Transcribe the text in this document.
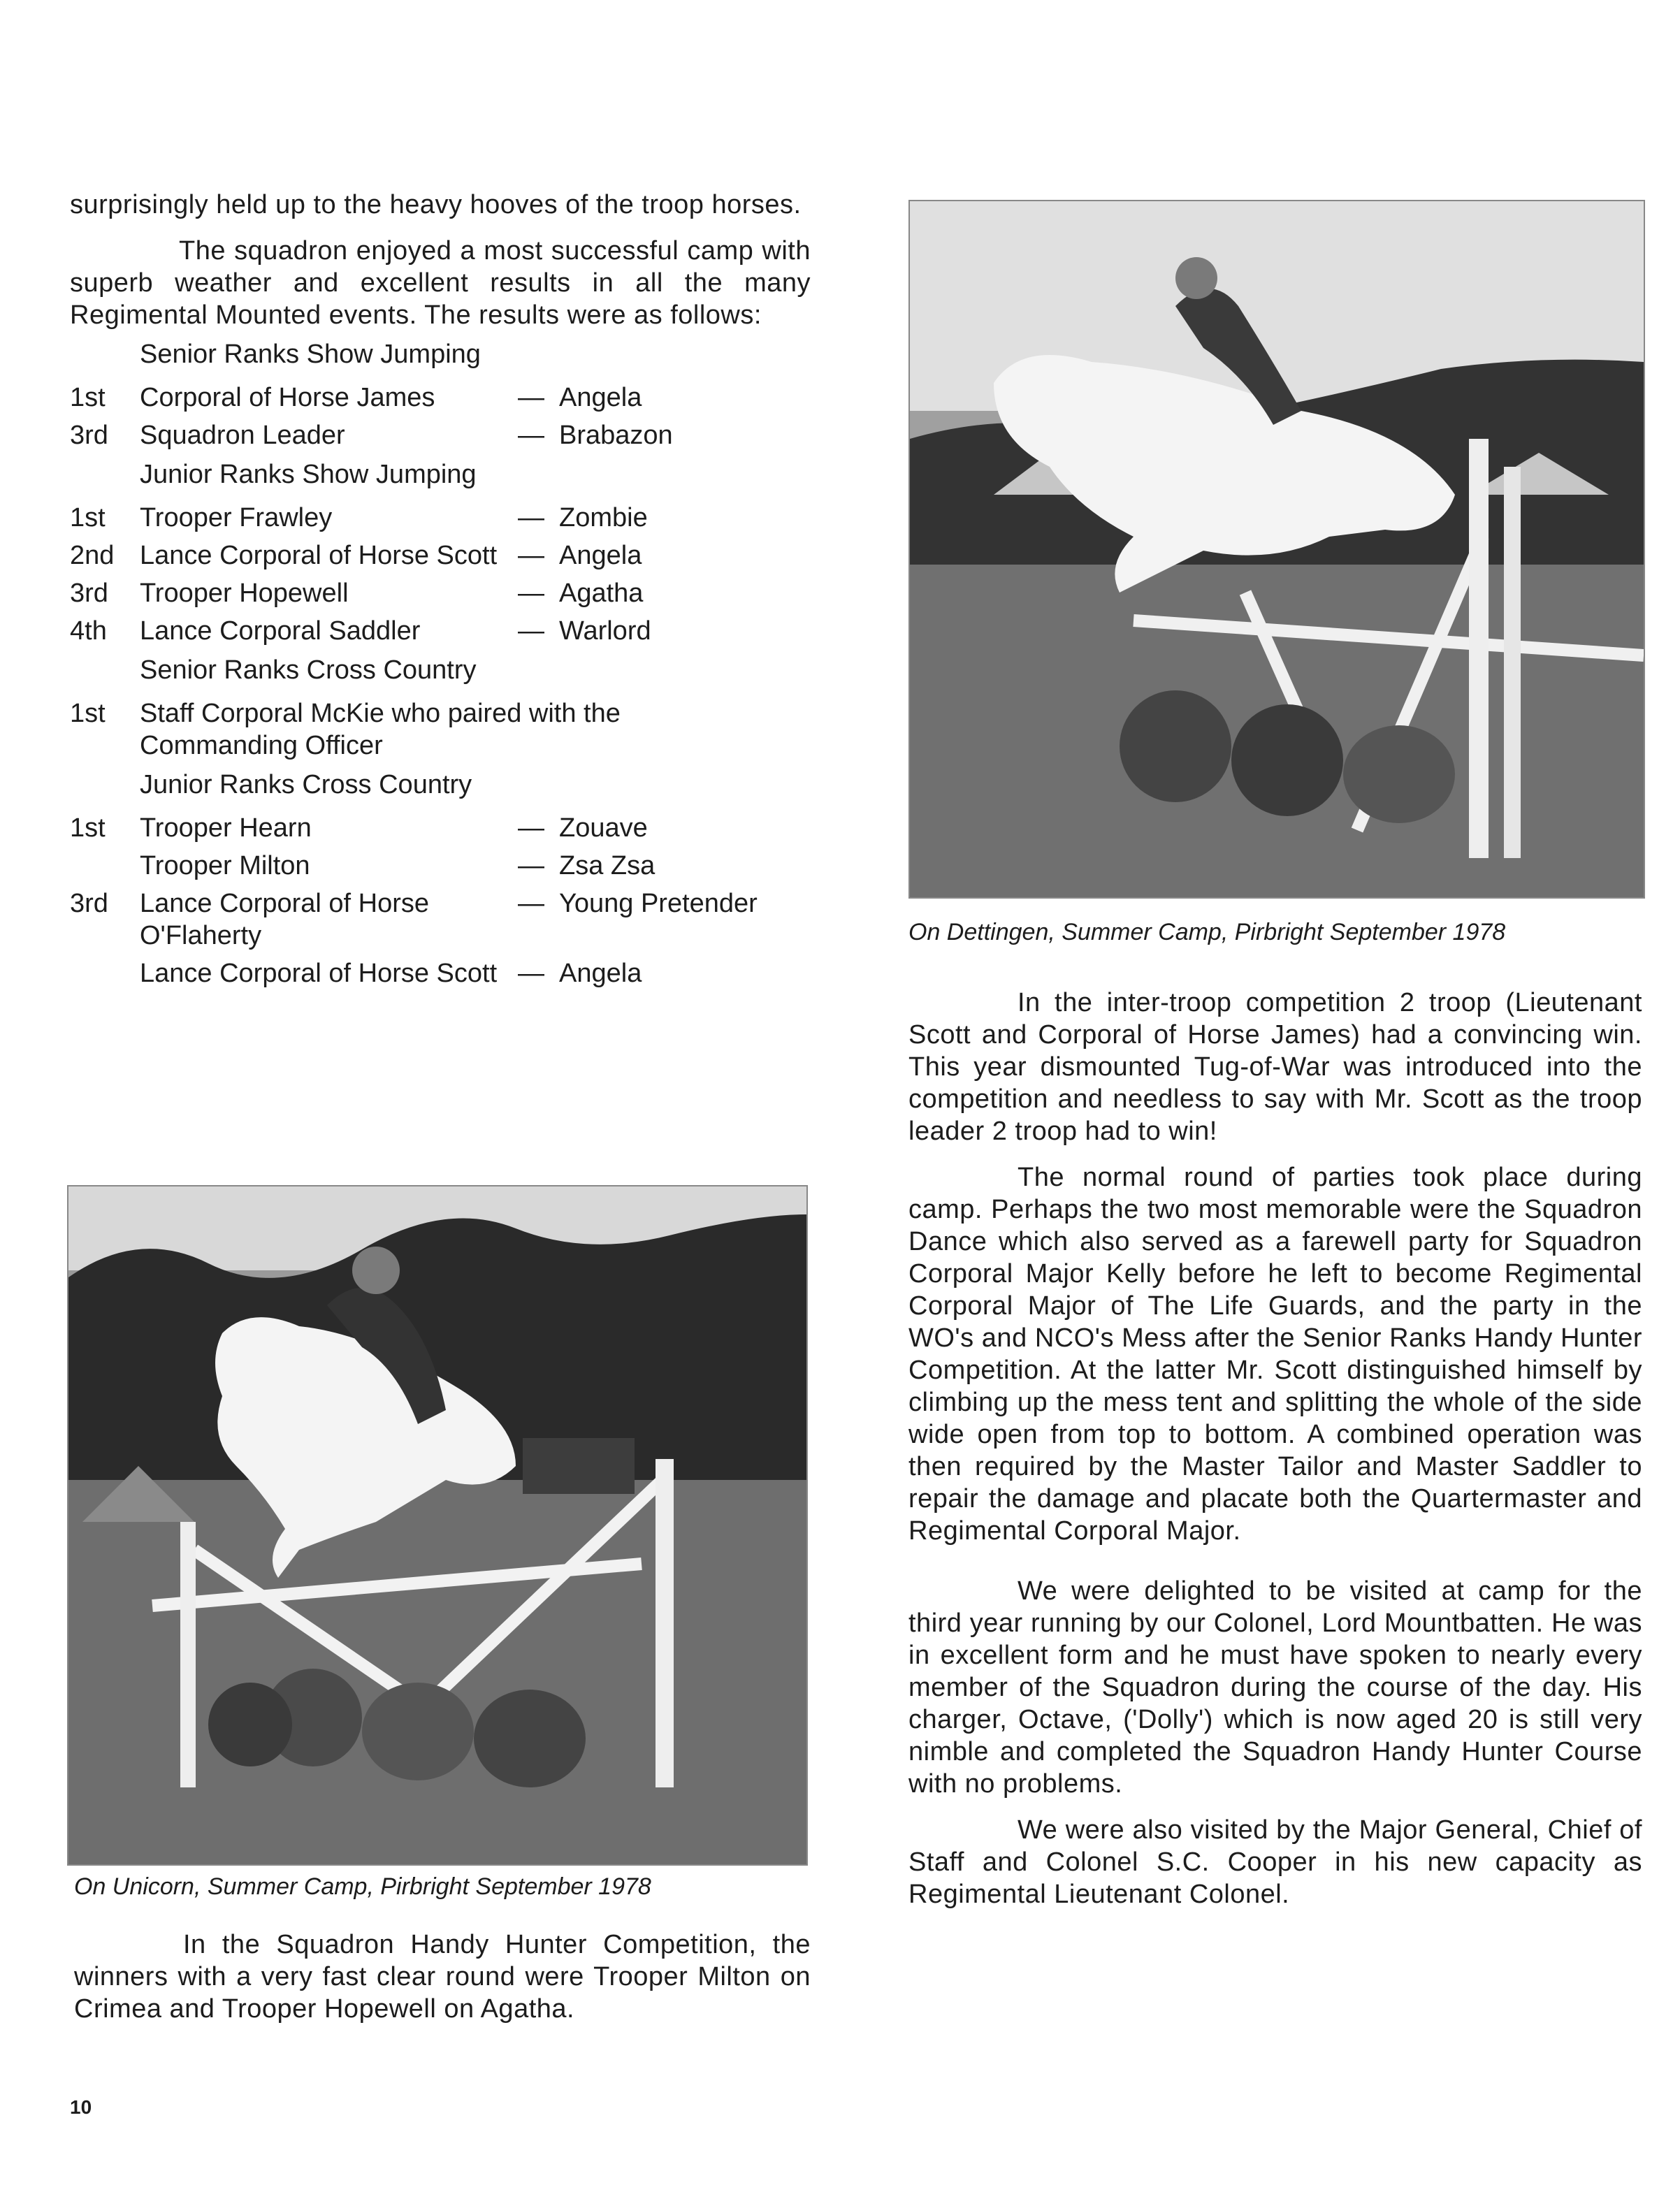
surprisingly held up to the heavy hooves of the troop horses.

The squadron enjoyed a most successful camp with superb weather and excellent results in all the many Regimental Mounted events. The results were as follows:

Senior Ranks Show Jumping
1st	Corporal of Horse James	— Angela
3rd	Squadron Leader	— Brabazon
Junior Ranks Show Jumping
1st	Trooper Frawley	— Zombie
2nd Lance Corporal of Horse Scott — Angela
3rd	Trooper Hopewell	— Agatha
4th	Lance Corporal Saddler	— Warlord
Senior Ranks Cross Country
1st	Staff Corporal McKie who paired with the Commanding Officer
Junior Ranks Cross Country
1st	Trooper Hearn	— Zouave
Trooper Milton	— Zsa Zsa
3rd	Lance Corporal of Horse O'Flaherty
— Young Pretender
Lance Corporal of Horse Scott — Angela
On Unicorn, Summer Camp, Pirbright September 1978

In the Squadron Handy Hunter Competition, the winners with a very fast clear round were Trooper Milton on Crimea and Trooper Hopewell on Agatha.

On Dettingen, Summer Camp, Pirbright September 1978

In the inter-troop competition 2 troop (Lieutenant Scott and Corporal of Horse James) had a convincing win. This year dismounted Tug-of-War was introduced into the competition and needless to say with Mr. Scott as the troop leader 2 troop had to win!

The normal round of parties took place during camp. Perhaps the two most memorable were the Squadron Dance which also served as a farewell party for Squadron Corporal Major Kelly before he left to become Regimental Corporal Major of The Life Guards, and the party in the WO's and NCO's Mess after the Senior Ranks Handy Hunter Competition. At the latter Mr. Scott distinguished himself by climbing up the mess tent and splitting the whole of the side wide open from top to bottom. A combined operation was then required by the Master Tailor and Master Saddler to repair the damage and placate both the Quartermaster and Regimental Corporal Major.

We were delighted to be visited at camp for the third year running by our Colonel, Lord Mountbatten. He was in excellent form and he must have spoken to nearly every member of the Squadron during the course of the day. His charger, Octave, ('Dolly') which is now aged 20 is still very nimble and completed the Squadron Handy Hunter Course with no problems.

We were also visited by the Major General, Chief of Staff and Colonel S.C. Cooper in his new capacity as Regimental Lieutenant Colonel.

10
